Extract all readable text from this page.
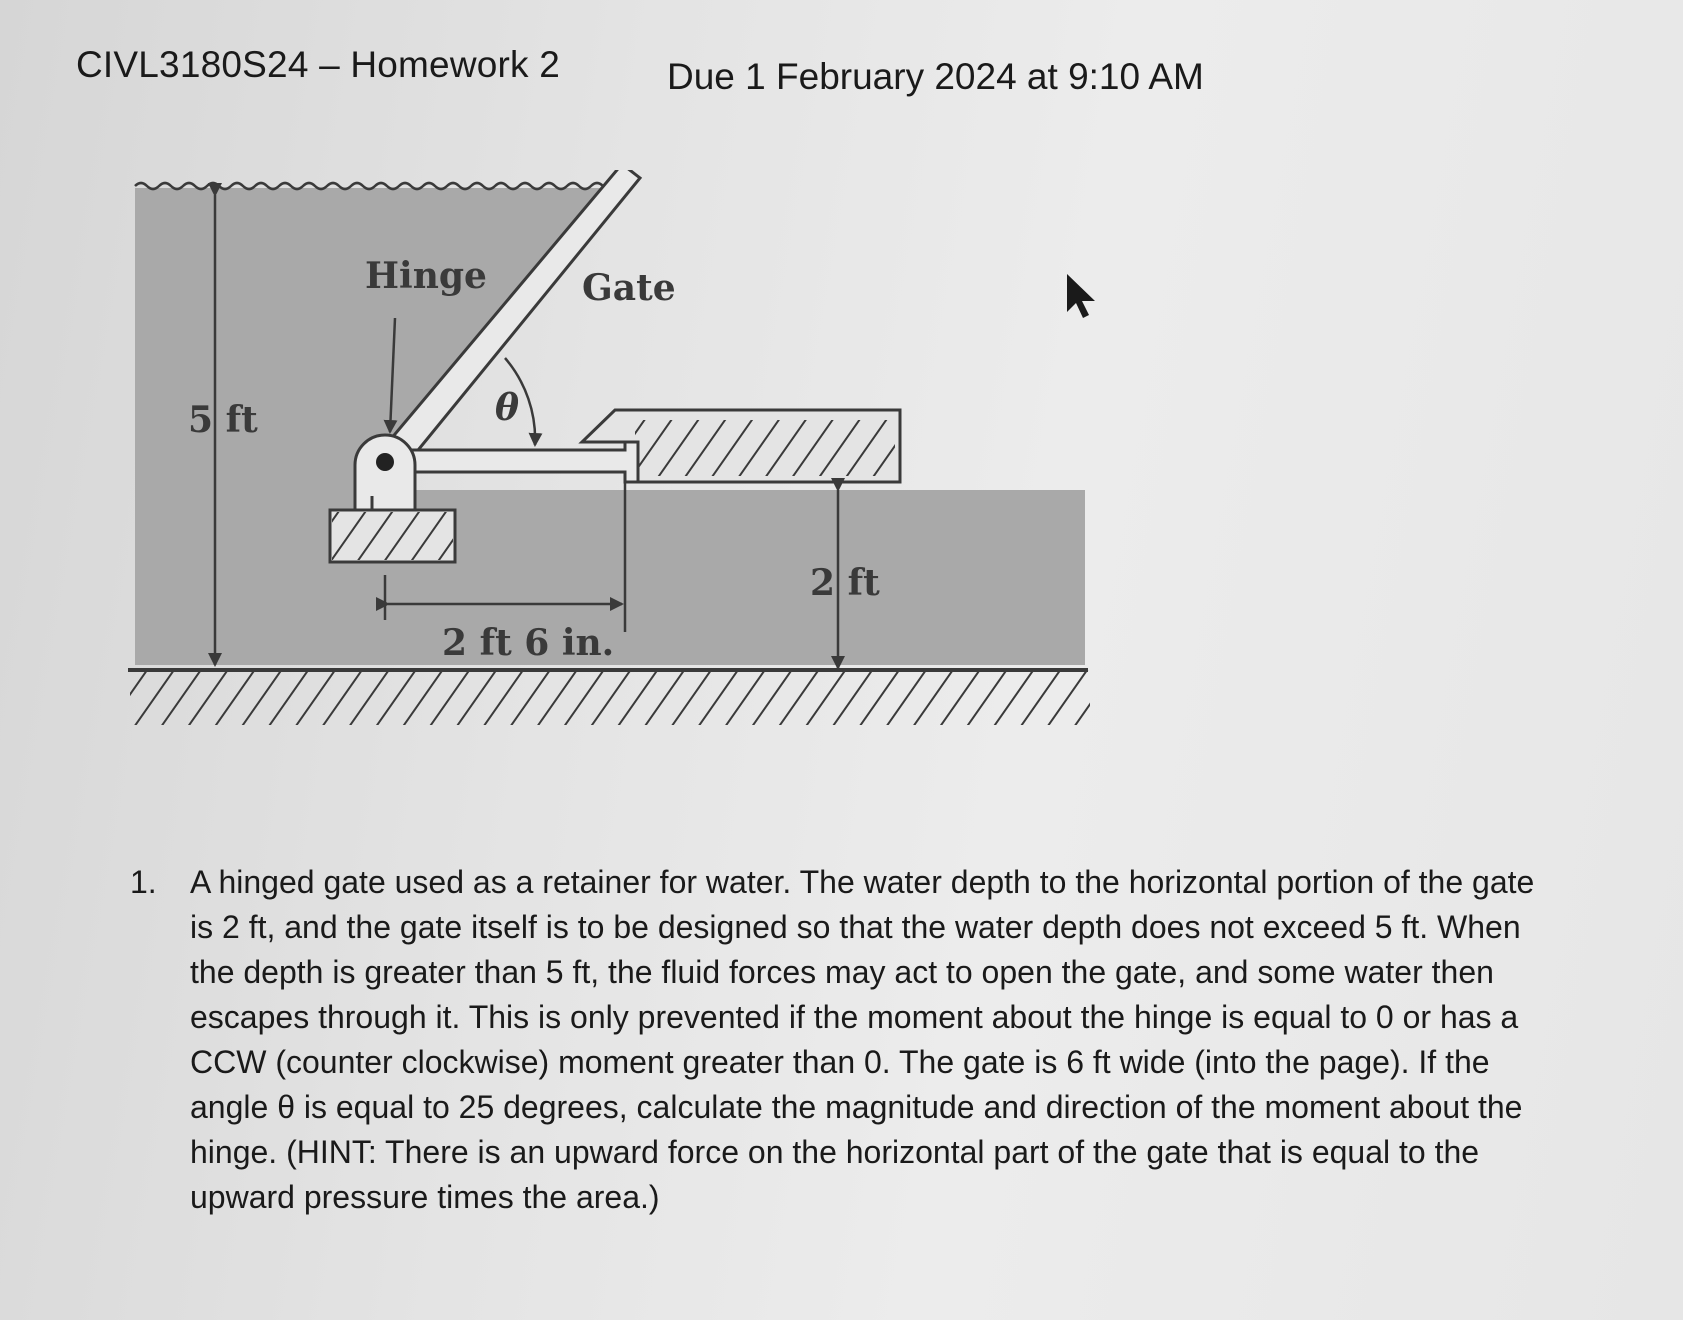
CIVL3180S24 – Homework 2	Due 1 February 2024 at 9:10 AM
Hinge	Gate
θ
5 ft
2 ft
2 ft 6 in.
1. A hinged gate used as a retainer for water. The water depth to the horizontal portion of the gate is 2 ft, and the gate itself is to be designed so that the water depth does not exceed 5 ft. When the depth is greater than 5 ft, the fluid forces may act to open the gate, and some water then escapes through it. This is only prevented if the moment about the hinge is equal to 0 or has a CCW (counter clockwise) moment greater than 0. The gate is 6 ft wide (into the page). If the angle θ is equal to 25 degrees, calculate the magnitude and direction of the moment about the hinge. (HINT: There is an upward force on the horizontal part of the gate that is equal to the upward pressure times the area.)
